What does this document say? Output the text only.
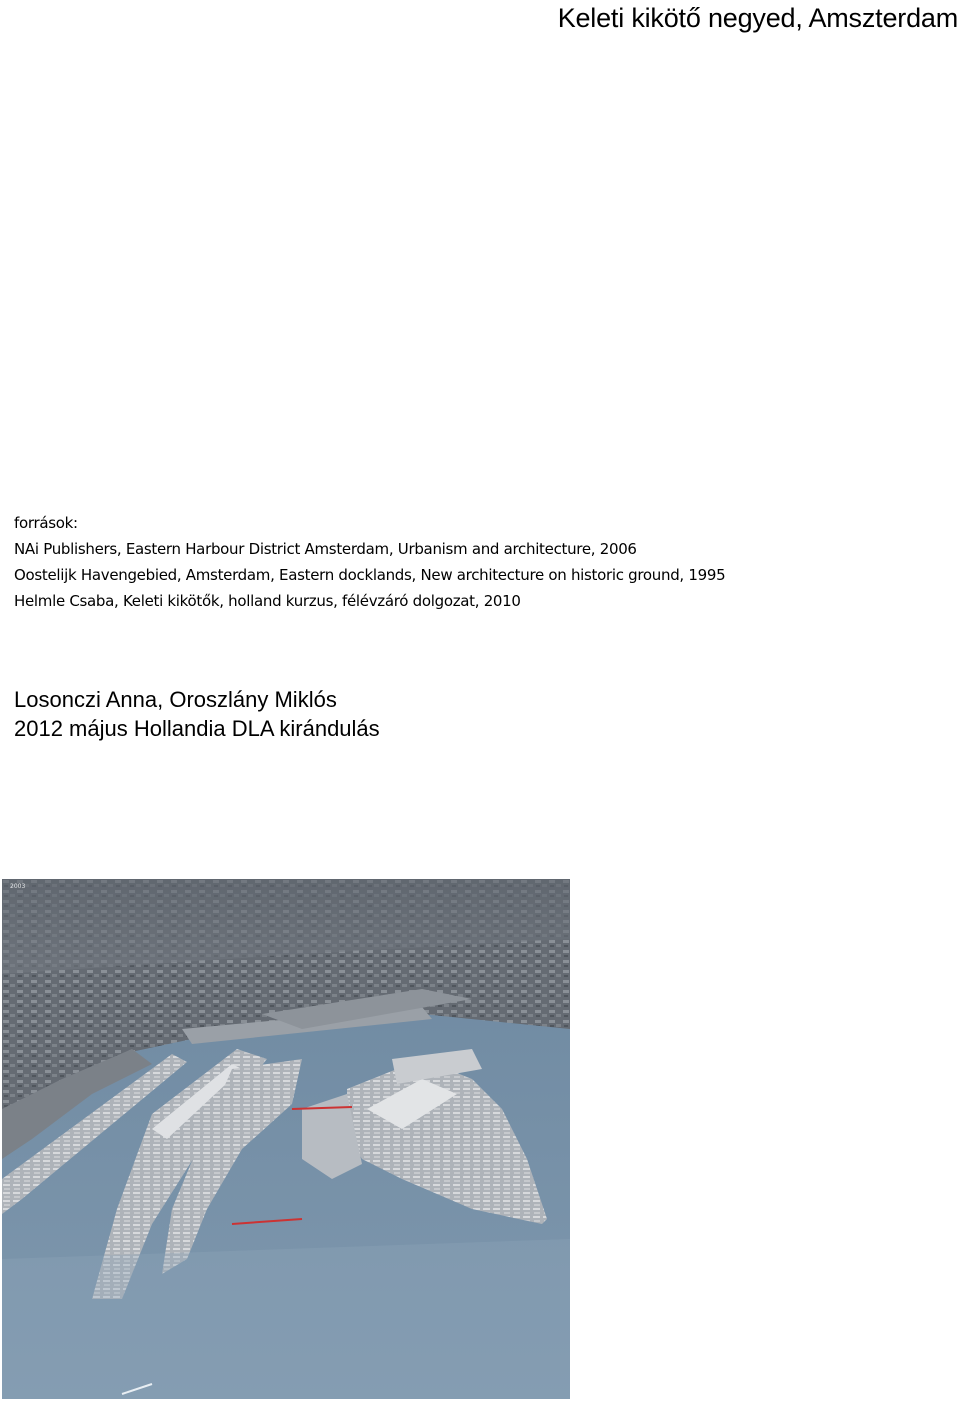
Keleti kikötő negyed, Amszterdam
források:
NAi Publishers, Eastern Harbour District Amsterdam, Urbanism and architecture, 2006
Oostelijk Havengebied, Amsterdam, Eastern docklands, New architecture on historic ground, 1995
Helmle Csaba, Keleti kikötők, holland kurzus, félévzáró dolgozat, 2010
Losonczi Anna, Oroszlány Miklós
2012 május Hollandia DLA kirándulás
2003
